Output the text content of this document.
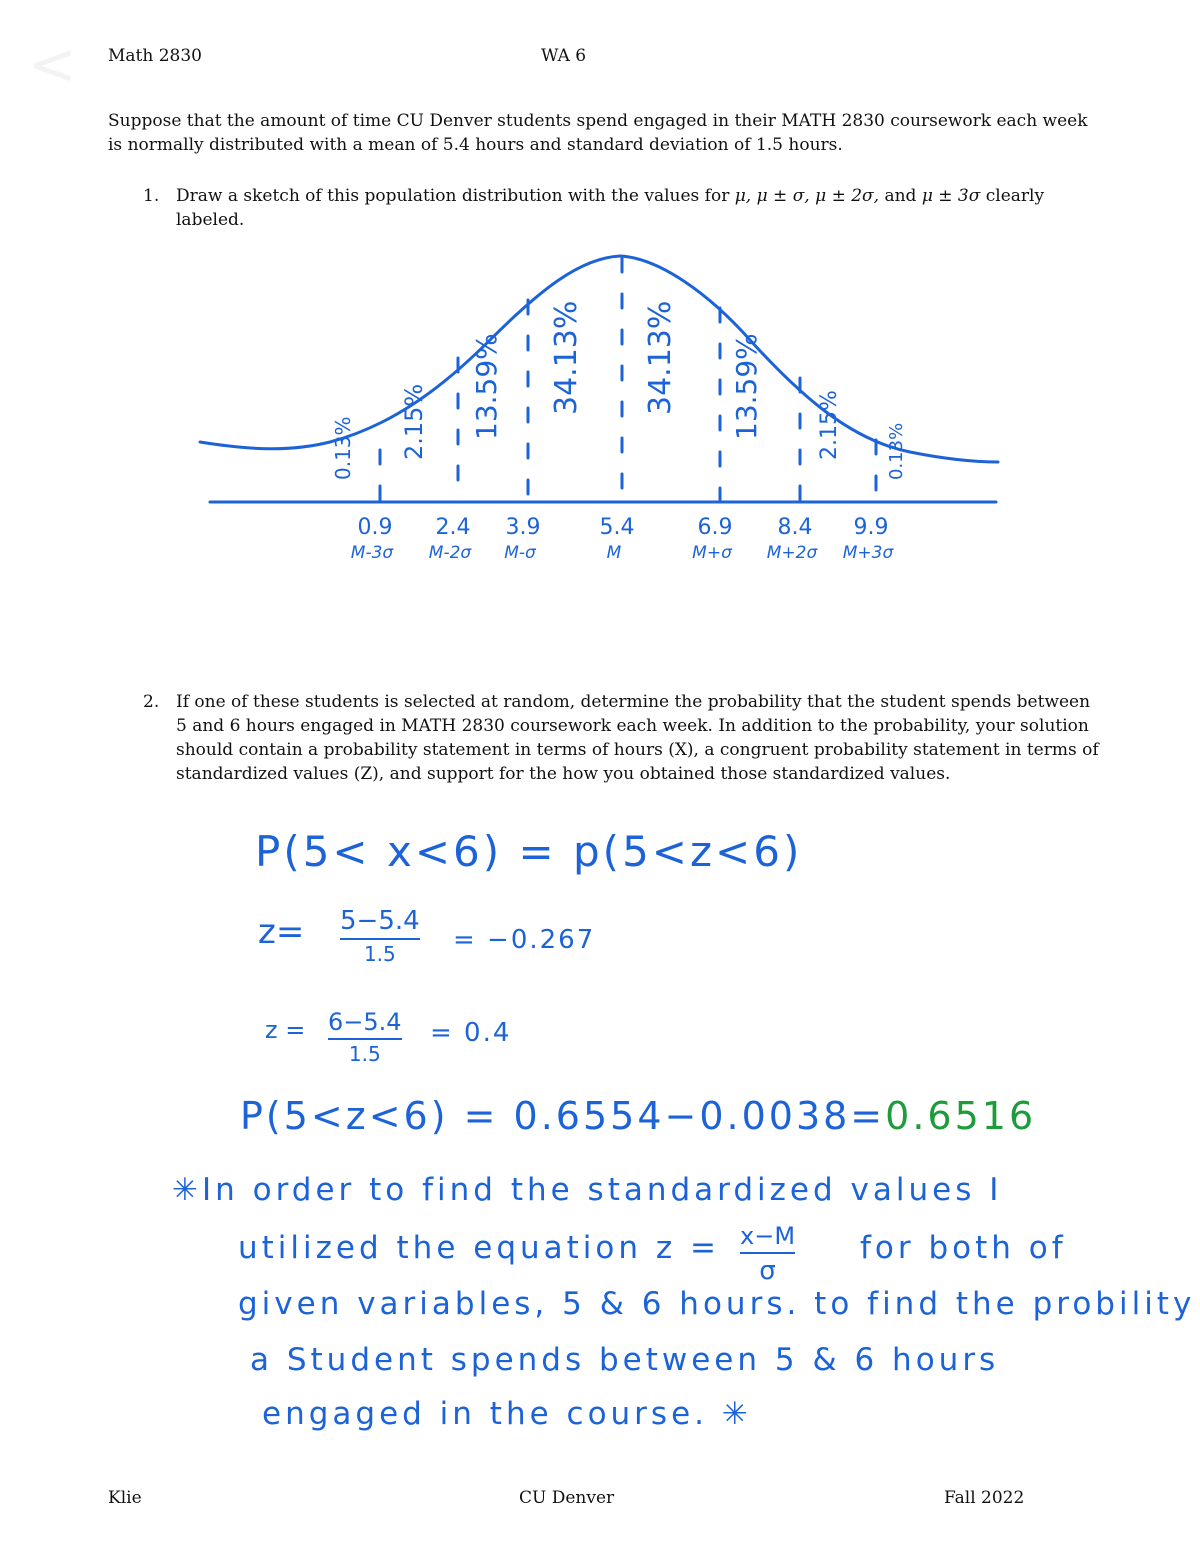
< Math 2830	WA 6
Suppose that the amount of time CU Denver students spend engaged in their MATH 2830 coursework each week is normally distributed with a mean of 5.4 hours and standard deviation of 1.5 hours.
1. Draw a sketch of this population distribution with the values for μ, μ ± σ, μ ± 2σ, and μ ± 3σ clearly labeled.
0.13% 2.15% 13.59% 34.13% 34.13% 13.59% 2.15% 0.13%
0.9 2.4 3.9	5.4	6.9 8.4 9.9
M-3σ M-2σ M-σ	M	M+σ M+2σ M+3σ
2. If one of these students is selected at random, determine the probability that the student spends between 5 and 6 hours engaged in MATH 2830 coursework each week. In addition to the probability, your solution should contain a probability statement in terms of hours (X), a congruent probability statement in terms of standardized values (Z), and support for the how you obtained those standardized values.
P(5< x<6) = p(5<z<6)
z= 5−5.4
1.5 = −0.267
z = 6−5.4
1.5
= 0.4
P(5<z<6) = 0.6554−0.0038=0.6516
✳In order to find the standardized values I
utilized the equation z = x−M
σ
for both of
given variables, 5 & 6 hours. to find the probility
a Student spends between 5 & 6 hours
engaged in the course. ✳
Klie	CU Denver	Fall 2022
